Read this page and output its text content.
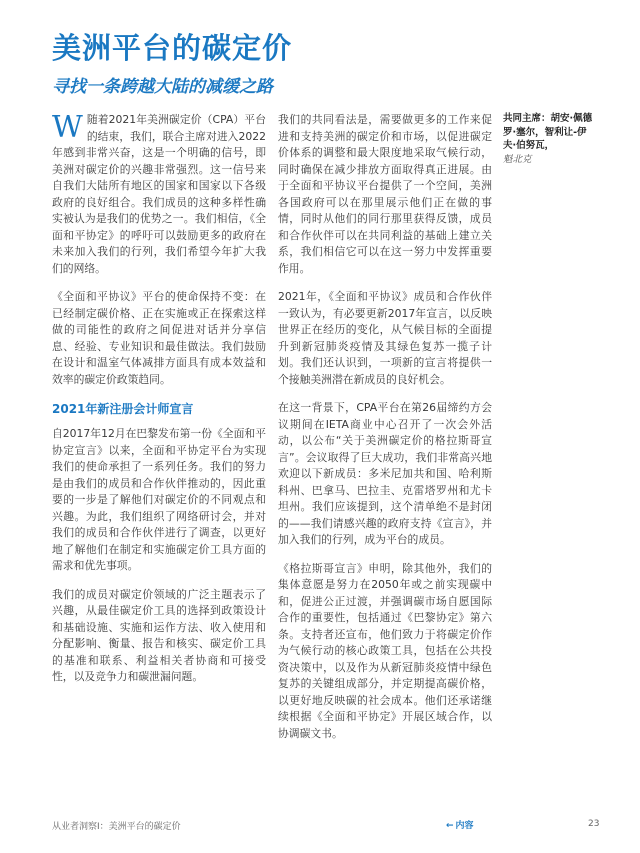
美洲平台的碳定价
寻找一条跨越大陆的减缓之路

W随着2021年美洲碳定价（CPA）平台的结束，我们，联合主席对进入2022年感到非常兴奋，这是一个明确的信号，即美洲对碳定价的兴趣非常强烈。这一信号来自我们大陆所有地区的国家和国家以下各级政府的良好组合。我们成员的这种多样性确实被认为是我们的优势之一。我们相信，《全面和平协定》的呼吁可以鼓励更多的政府在未来加入我们的行列，我们希望今年扩大我们的网络。

《全面和平协议》平台的使命保持不变：在已经制定碳价格、正在实施或正在探索这样做的司能性的政府之间促进对话并分享信息、经验、专业知识和最佳做法。我们鼓励在设计和温室气体减排方面具有成本效益和效率的碳定价政策趋同。

2021年新注册会计师宣言

自2017年12月在巴黎发布第一份《全面和平协定宣言》以来，全面和平协定平台为实现我们的使命承担了一系列任务。我们的努力是由我们的成员和合作伙伴推动的，因此重要的一步是了解他们对碳定价的不同观点和兴趣。为此，我们组织了网络研讨会，并对我们的成员和合作伙伴进行了调查，以更好地了解他们在制定和实施碳定价工具方面的需求和优先事项。

我们的成员对碳定价领域的广泛主题表示了兴趣，从最佳碳定价工具的选择到政策设计和基础设施、实施和运作方法、收入使用和分配影响、衡量、报告和核实、碳定价工具的基准和联系、利益相关者协商和可接受性，以及竞争力和碳泄漏问题。

我们的共同看法是，需要做更多的工作来促进和支持美洲的碳定价和市场，以促进碳定价体系的调整和最大限度地采取气候行动，同时确保在减少排放方面取得真正进展。由于全面和平协议平台提供了一个空间，美洲各国政府可以在那里展示他们正在做的事情，同时从他们的同行那里获得反馈，成员和合作伙伴可以在共同利益的基础上建立关系，我们相信它可以在这一努力中发挥重要作用。

2021年，《全面和平协议》成员和合作伙伴一致认为，有必要更新2017年宣言，以反映世界正在经历的变化，从气候目标的全面提升到新冠肺炎疫情及其绿色复苏一揽子计划。我们还认识到，一项新的宣言将提供一个接触美洲潜在新成员的良好机会。

在这一背景下，CPA平台在第26届缔约方会议期间在IETA商业中心召开了一次会外活动，以公布“关于美洲碳定价的格拉斯哥宣言”。会议取得了巨大成功，我们非常高兴地欢迎以下新成员：多米尼加共和国、哈利斯科州、巴拿马、巴拉圭、克雷塔罗州和尤卡坦州。我们应该提到，这个清单绝不是封闭的——我们请感兴趣的政府支持《宣言》，并加入我们的行列，成为平台的成员。

《格拉斯哥宣言》申明，除其他外，我们的集体意愿是努力在2050年或之前实现碳中和，促进公正过渡，并强调碳市场自愿国际合作的重要性，包括通过《巴黎协定》第六条。支持者还宣布，他们致力于将碳定价作为气候行动的核心政策工具，包括在公共投资决策中，以及作为从新冠肺炎疫情中绿色复苏的关键组成部分，并定期提高碳价格，以更好地反映碳的社会成本。他们还承诺继续根据《全面和平协定》开展区域合作，以协调碳文书。

共同主席：胡安·佩德罗·塞尔，智利让-伊夫·伯努瓦，
魁北克
从业者洞察I：美洲平台的碳定价	← 内容	23
